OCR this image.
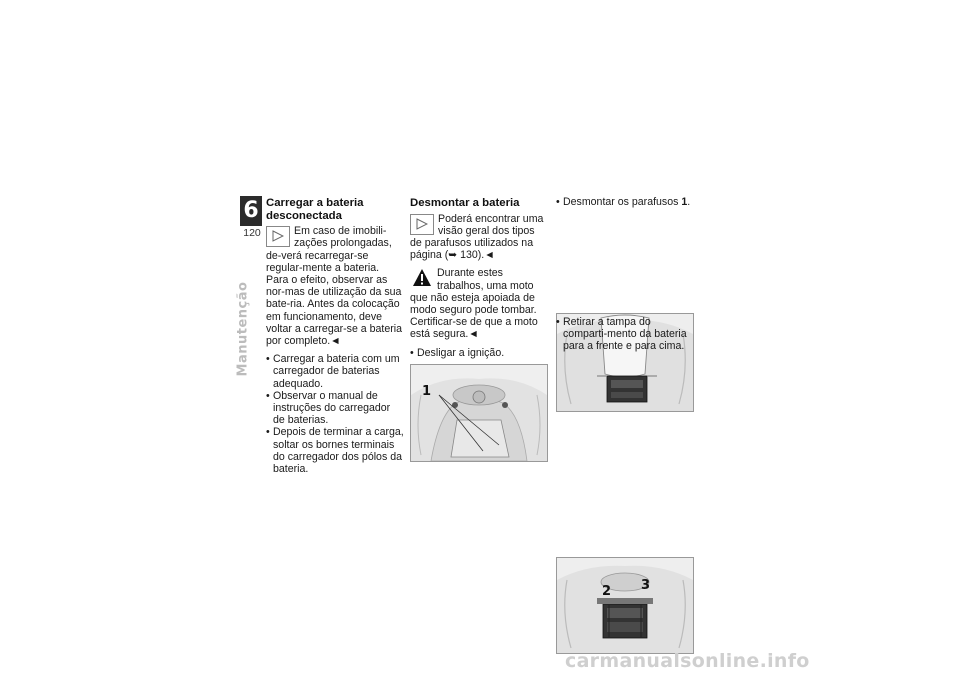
6
120
Manutenção
Carregar a bateria desconectada

Em caso de imobili-zações prolongadas, de-verá recarregar-se regular-mente a bateria.

Para o efeito, observar as nor-mas de utilização da sua bate-ria. Antes da colocação em funcionamento, deve voltar a carregar-se a bateria por completo.◄

• Carregar a bateria com um carregador de baterias adequado.
• Observar o manual de instruções do carregador de baterias.
• Depois de terminar a carga, soltar os bornes terminais do carregador dos pólos da bateria.
Desmontar a bateria

Poderá encontrar uma visão geral dos tipos de parafusos utilizados na página (➥ 130).◄

Durante estes trabalhos, uma moto que não esteja apoiada de modo seguro pode tombar.

Certificar-se de que a moto está segura.◄

• Desligar a ignição.
1
• Desmontar os parafusos 1.
• Retirar a tampa do comparti-mento da bateria para a frente e para cima.
2 3
carmanualsonline.info
